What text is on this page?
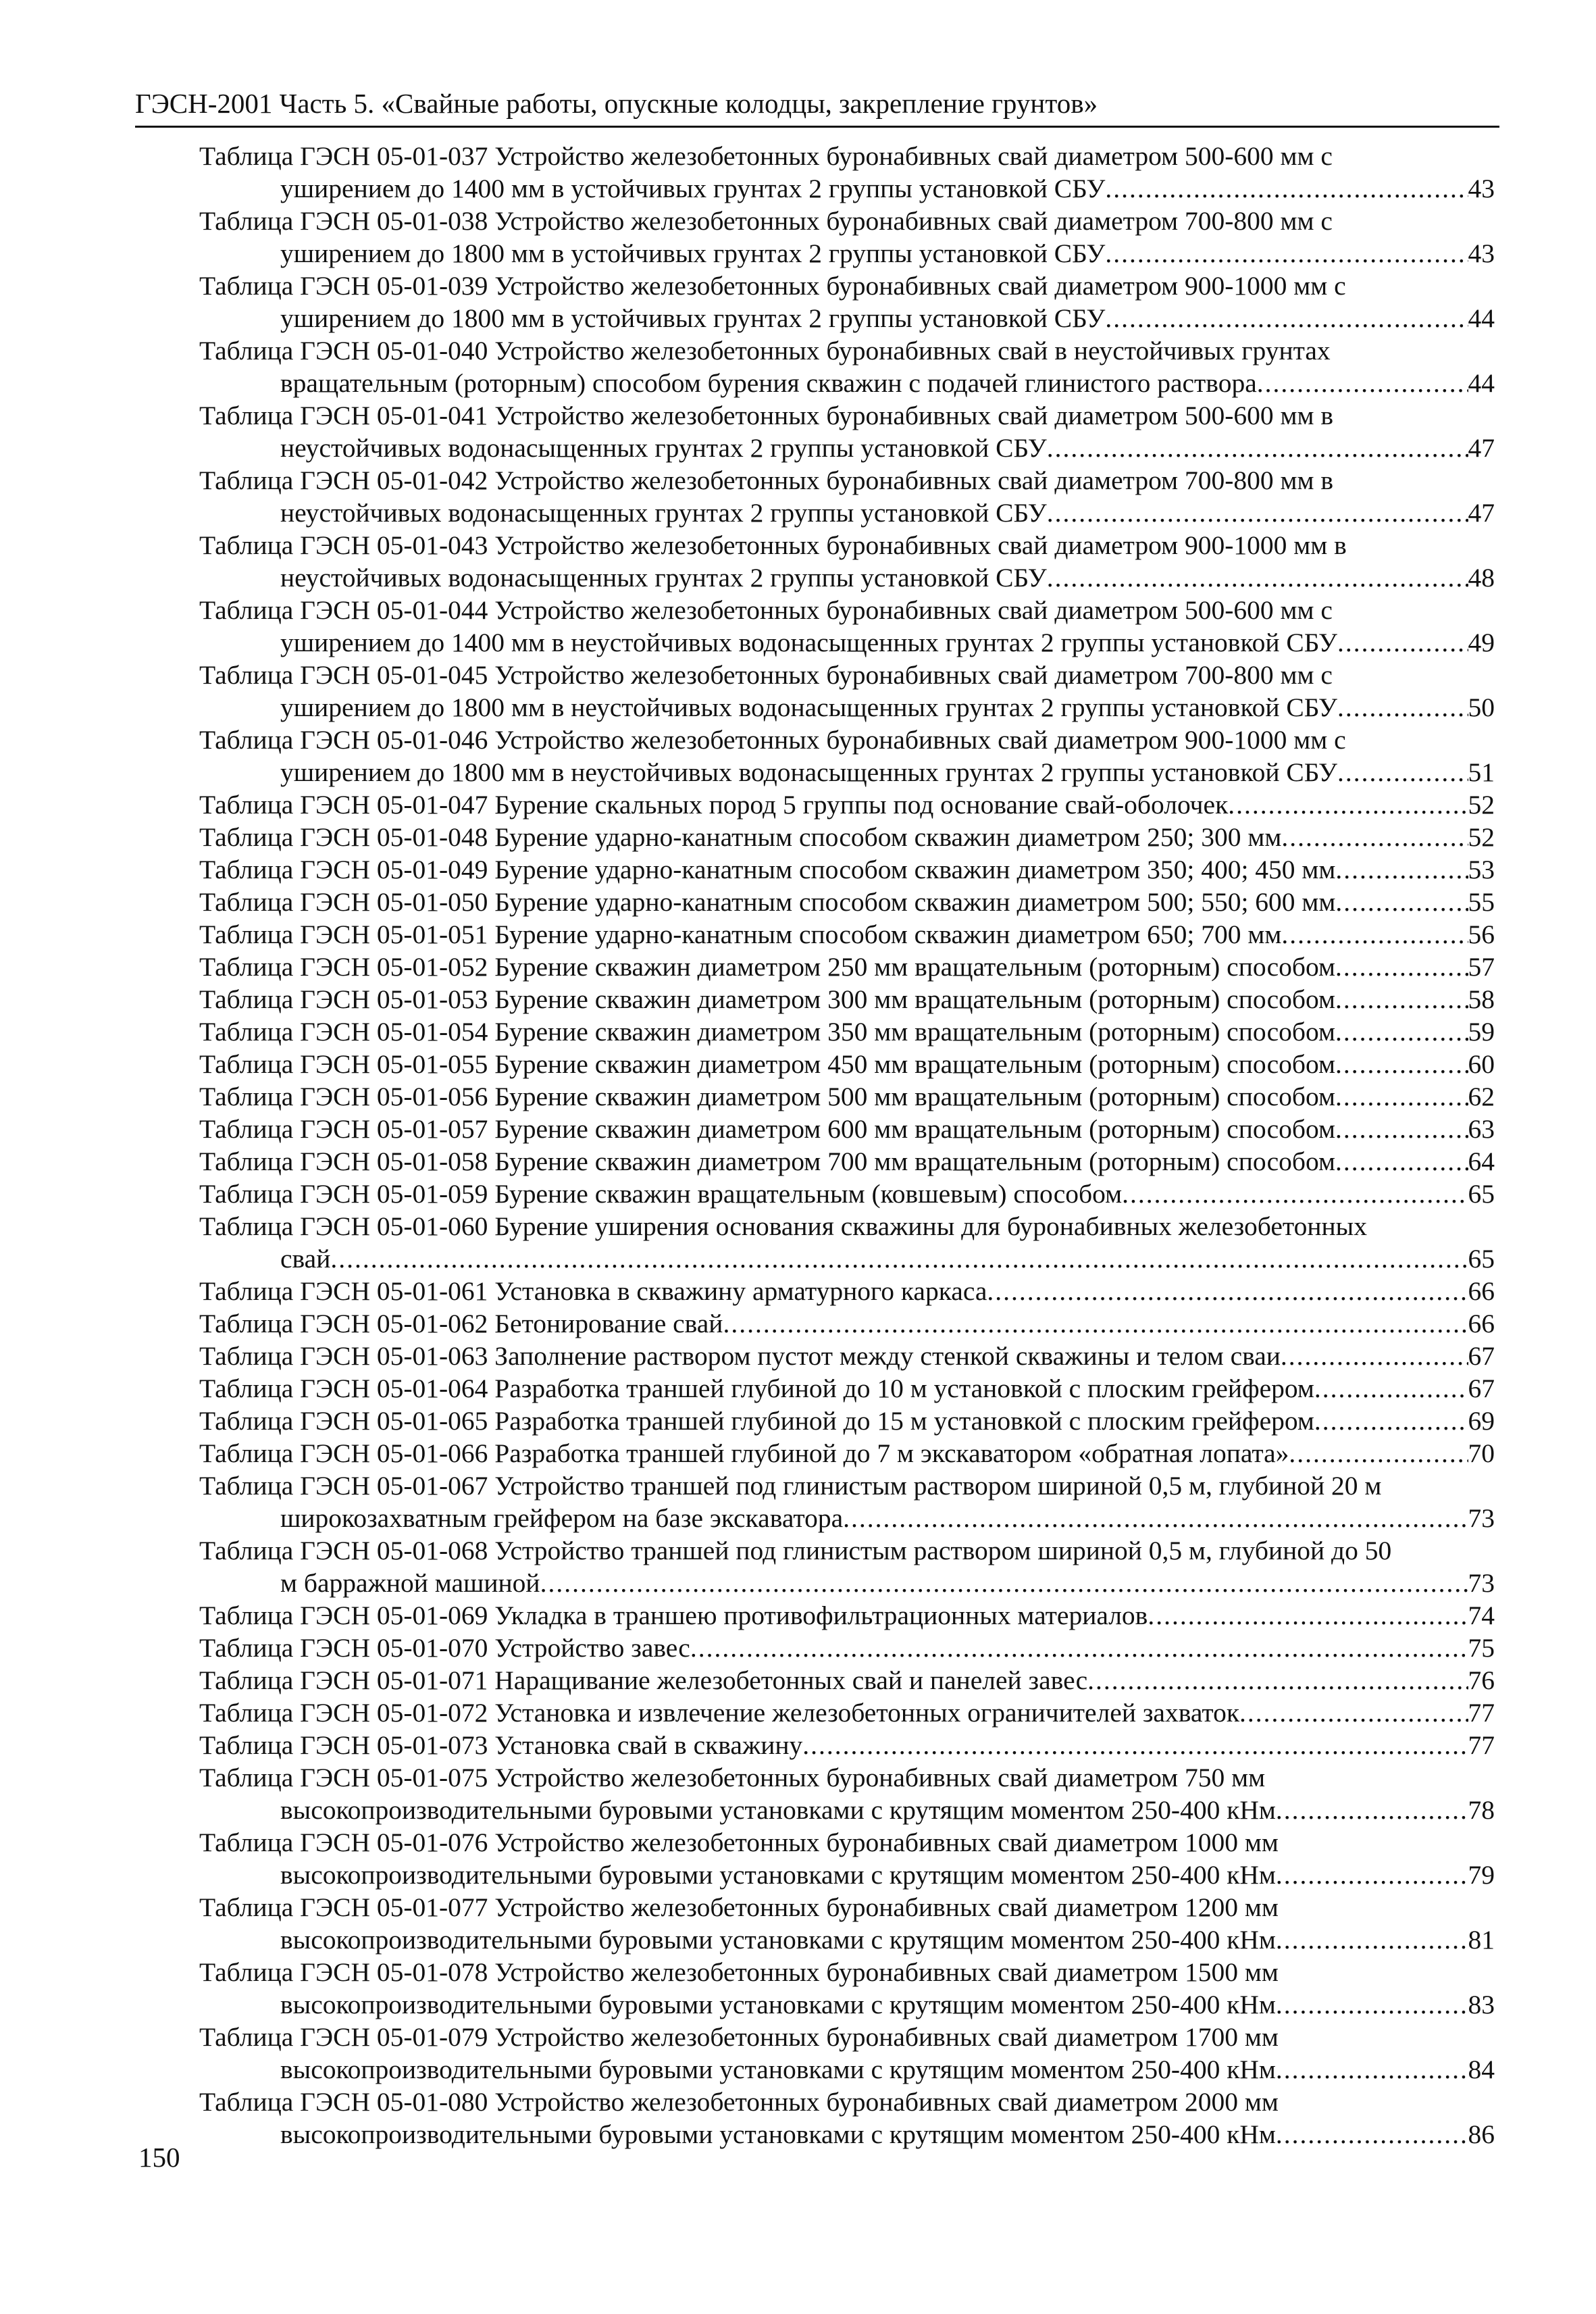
ГЭСН-2001 Часть 5. «Свайные работы, опускные колодцы, закрепление грунтов»
Таблица ГЭСН 05-01-037 Устройство железобетонных буронабивных свай диаметром 500-600 мм с
уширением до 1400 мм в устойчивых грунтах 2 группы установкой СБУ .....	43
Таблица ГЭСН 05-01-038 Устройство железобетонных буронабивных свай диаметром 700-800 мм с
уширением до 1800 мм в устойчивых грунтах 2 группы установкой СБУ .....	43
Таблица ГЭСН 05-01-039 Устройство железобетонных буронабивных свай диаметром 900-1000 мм с
уширением до 1800 мм в устойчивых грунтах 2 группы установкой СБУ .....	44
Таблица ГЭСН 05-01-040 Устройство железобетонных буронабивных свай в неустойчивых грунтах
вращательным (роторным) способом бурения скважин с подачей глинистого раствора .....	44
Таблица ГЭСН 05-01-041 Устройство железобетонных буронабивных свай диаметром 500-600 мм в
неустойчивых водонасыщенных грунтах 2 группы установкой СБУ .....	47
Таблица ГЭСН 05-01-042 Устройство железобетонных буронабивных свай диаметром 700-800 мм в
неустойчивых водонасыщенных грунтах 2 группы установкой СБУ .....	47
Таблица ГЭСН 05-01-043 Устройство железобетонных буронабивных свай диаметром 900-1000 мм в
неустойчивых водонасыщенных грунтах 2 группы установкой СБУ .....	48
Таблица ГЭСН 05-01-044 Устройство железобетонных буронабивных свай диаметром 500-600 мм с
уширением до 1400 мм в неустойчивых водонасыщенных грунтах 2 группы установкой СБУ .....	49
Таблица ГЭСН 05-01-045 Устройство железобетонных буронабивных свай диаметром 700-800 мм с
уширением до 1800 мм в неустойчивых водонасыщенных грунтах 2 группы установкой СБУ .....	50
Таблица ГЭСН 05-01-046 Устройство железобетонных буронабивных свай диаметром 900-1000 мм с
уширением до 1800 мм в неустойчивых водонасыщенных грунтах 2 группы установкой СБУ .....	51
Таблица ГЭСН 05-01-047 Бурение скальных пород 5 группы под основание свай-оболочек .....	52
Таблица ГЭСН 05-01-048 Бурение ударно-канатным способом скважин диаметром 250; 300 мм .....	52
Таблица ГЭСН 05-01-049 Бурение ударно-канатным способом скважин диаметром 350; 400; 450 мм .....	53
Таблица ГЭСН 05-01-050 Бурение ударно-канатным способом скважин диаметром 500; 550; 600 мм .....	55
Таблица ГЭСН 05-01-051 Бурение ударно-канатным способом скважин диаметром 650; 700 мм .....	56
Таблица ГЭСН 05-01-052 Бурение скважин диаметром 250 мм вращательным (роторным) способом .....	57
Таблица ГЭСН 05-01-053 Бурение скважин диаметром 300 мм вращательным (роторным) способом .....	58
Таблица ГЭСН 05-01-054 Бурение скважин диаметром 350 мм вращательным (роторным) способом .....	59
Таблица ГЭСН 05-01-055 Бурение скважин диаметром 450 мм вращательным (роторным) способом .....	60
Таблица ГЭСН 05-01-056 Бурение скважин диаметром 500 мм вращательным (роторным) способом .....	62
Таблица ГЭСН 05-01-057 Бурение скважин диаметром 600 мм вращательным (роторным) способом .....	63
Таблица ГЭСН 05-01-058 Бурение скважин диаметром 700 мм вращательным (роторным) способом .....	64
Таблица ГЭСН 05-01-059 Бурение скважин вращательным (ковшевым) способом .....	65
Таблица ГЭСН 05-01-060 Бурение уширения основания скважины для буронабивных железобетонных
свай .....	65
Таблица ГЭСН 05-01-061 Установка в скважину арматурного каркаса .....	66
Таблица ГЭСН 05-01-062 Бетонирование свай .....	66
Таблица ГЭСН 05-01-063 Заполнение раствором пустот между стенкой скважины и телом сваи .....	67
Таблица ГЭСН 05-01-064 Разработка траншей глубиной до 10 м установкой с плоским грейфером .....	67
Таблица ГЭСН 05-01-065 Разработка траншей глубиной до 15 м установкой с плоским грейфером .....	69
Таблица ГЭСН 05-01-066 Разработка траншей глубиной до 7 м экскаватором «обратная лопата» .....	70
Таблица ГЭСН 05-01-067 Устройство траншей под глинистым раствором шириной 0,5 м, глубиной 20 м
широкозахватным грейфером на базе экскаватора .....	73
Таблица ГЭСН 05-01-068 Устройство траншей под глинистым раствором шириной 0,5 м, глубиной до 50
м барражной машиной .....	73
Таблица ГЭСН 05-01-069 Укладка в траншею противофильтрационных материалов .....	74
Таблица ГЭСН 05-01-070 Устройство завес .....	75
Таблица ГЭСН 05-01-071 Наращивание железобетонных свай и панелей завес .....	76
Таблица ГЭСН 05-01-072 Установка и извлечение железобетонных ограничителей захваток .....	77
Таблица ГЭСН 05-01-073 Установка свай в скважину .....	77
Таблица ГЭСН 05-01-075 Устройство железобетонных буронабивных свай диаметром 750 мм
высокопроизводительными буровыми установками с крутящим моментом 250-400 кНм .....	78
Таблица ГЭСН 05-01-076 Устройство железобетонных буронабивных свай диаметром 1000 мм
высокопроизводительными буровыми установками с крутящим моментом 250-400 кНм .....	79
Таблица ГЭСН 05-01-077 Устройство железобетонных буронабивных свай диаметром 1200 мм
высокопроизводительными буровыми установками с крутящим моментом 250-400 кНм .....	81
Таблица ГЭСН 05-01-078 Устройство железобетонных буронабивных свай диаметром 1500 мм
высокопроизводительными буровыми установками с крутящим моментом 250-400 кНм .....	83
Таблица ГЭСН 05-01-079 Устройство железобетонных буронабивных свай диаметром 1700 мм
высокопроизводительными буровыми установками с крутящим моментом 250-400 кНм .....	84
Таблица ГЭСН 05-01-080 Устройство железобетонных буронабивных свай диаметром 2000 мм
высокопроизводительными буровыми установками с крутящим моментом 250-400 кНм .....	86
150
